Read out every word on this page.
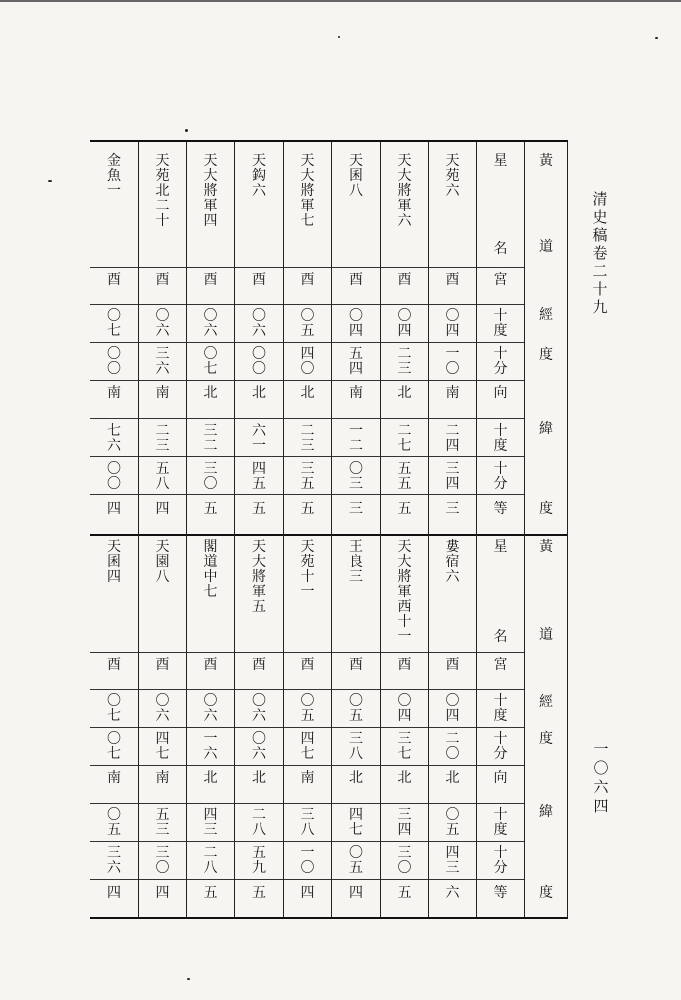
清
史
稿
卷
二
十
九
一
〇
六
四
金
魚
一
酉
〇
七
〇
〇
南
七
六
〇
〇
四
天
囷
四
酉
〇
七
〇
七
南
〇
五
三
六
四
天
苑
北
二
十
酉
〇
六
三
六
南
二
三
五
八
四
天
園
八
酉
〇
六
四
七
南
五
三
三
〇
四
天
大
將
軍
四
酉
〇
六
〇
七
北
三
二
三
〇
五
閣
道
中
七
酉
〇
六
一
六
北
四
三
二
八
五
天
鈎
六
酉
〇
六
〇
〇
北
六
一
四
五
五
天
大
將
軍
五
酉
〇
六
〇
六
北
二
八
五
九
五
天
大
將
軍
七
酉
〇
五
四
〇
北
二
三
三
五
五
天
苑
十
一
酉
〇
五
四
七
南
三
八
一
〇
四
天
囷
八
酉
〇
四
五
四
南
一
二
〇
三
三
王
良
三
酉
〇
五
三
八
北
四
七
〇
五
四
天
大
將
軍
六
酉
〇
四
二
三
北
二
七
五
五
五
天
大
將
軍
西
十
一
酉
〇
四
三
七
北
三
四
三
〇
五
天
苑
六
酉
〇
四
一
〇
南
二
四
三
四
三
婁
宿
六
酉
〇
四
二
〇
北
〇
五
四
三
六
星
名
宮
十
度
十
分
向
十
度
十
分
等
星
名
宮
十
度
十
分
向
十
度
十
分
等
黃
道
經
度
緯
度
黃
道
經
度
緯
度
